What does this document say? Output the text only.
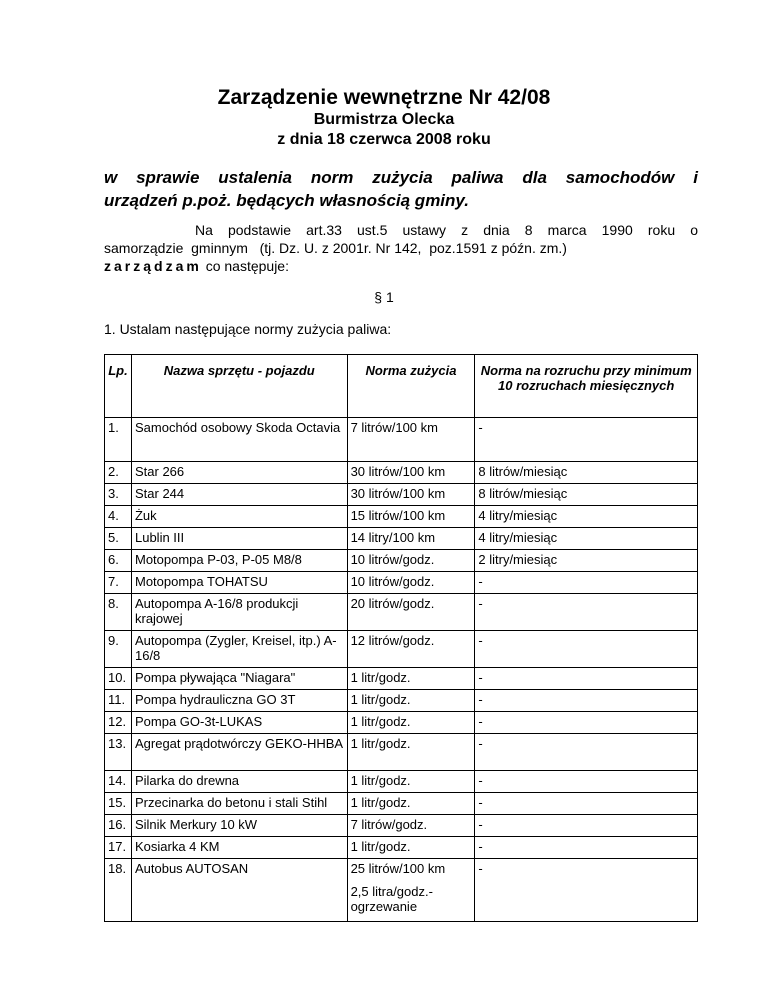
Zarządzenie wewnętrzne Nr 42/08
Burmistrza Olecka
z dnia 18 czerwca 2008 roku
w sprawie ustalenia norm zużycia paliwa dla samochodów i
urządzeń p.poż. będących własnością gminy.
Na podstawie art.33 ust.5 ustawy z dnia 8 marca 1990 roku o
samorządzie  gminnym   (tj. Dz. U. z 2001r. Nr 142,  poz.1591 z późn. zm.)
zarządzam co następuje:
§ 1
1. Ustalam następujące normy zużycia paliwa:
Lp.	Nazwa sprzętu - pojazdu	Norma zużycia	Norma na rozruchu przy minimum 10 rozruchach miesięcznych
1.	Samochód osobowy Skoda Octavia	7 litrów/100 km	-
2.	Star 266	30 litrów/100 km	8 litrów/miesiąc
3.	Star 244	30 litrów/100 km	8 litrów/miesiąc
4.	Żuk	15 litrów/100 km	4 litry/miesiąc
5.	Lublin III	14 litry/100 km	4 litry/miesiąc
6.	Motopompa P-03, P-05 M8/8	10 litrów/godz.	2 litry/miesiąc
7.	Motopompa TOHATSU	10 litrów/godz.	-
8.	Autopompa A-16/8 produkcji krajowej	20 litrów/godz.	-
9.	Autopompa (Zygler, Kreisel, itp.) A-16/8	12 litrów/godz.	-
10.	Pompa pływająca "Niagara"	1 litr/godz.	-
11.	Pompa hydrauliczna GO 3T	1 litr/godz.	-
12.	Pompa GO-3t-LUKAS	1 litr/godz.	-
13.	Agregat prądotwórczy GEKO-HHBA	1 litr/godz.	-
14.	Pilarka do drewna	1 litr/godz.	-
15.	Przecinarka do betonu i stali Stihl	1 litr/godz.	-
16.	Silnik Merkury 10 kW	7 litrów/godz.	-
17.	Kosiarka 4 KM	1 litr/godz.	-
18.	Autobus AUTOSAN	25 litrów/100 km
2,5 litra/godz.-ogrzewanie	-
